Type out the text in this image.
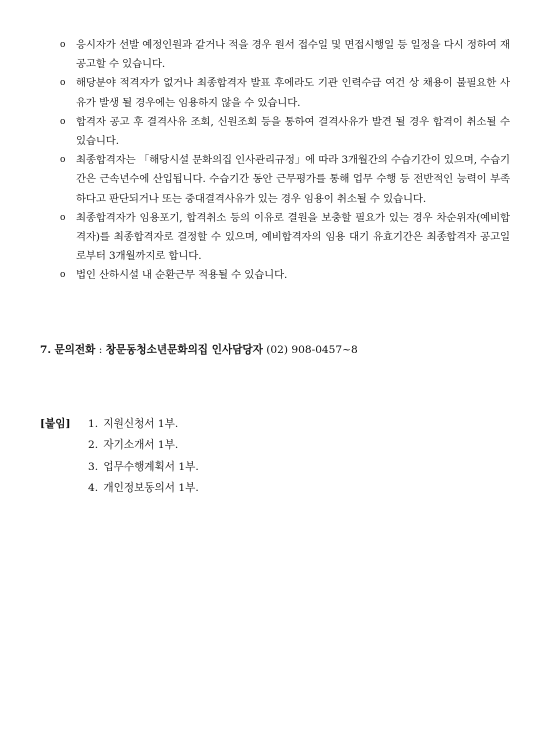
o	응시자가 선발 예정인원과 같거나 적을 경우 원서 접수일 및 면접시행일 등 일정을 다시 정하여 재공고할 수 있습니다.
o	해당분야 적격자가 없거나 최종합격자 발표 후에라도 기관 인력수급 여건 상 채용이 불필요한 사유가 발생 될 경우에는 임용하지 않을 수 있습니다.
o	합격자 공고 후 결격사유 조회, 신원조회 등을 통하여 결격사유가 발견 될 경우 합격이 취소될 수 있습니다.
o	최종합격자는 「해당시설 문화의집 인사관리규정」에 따라 3개월간의 수습기간이 있으며, 수습기간은 근속년수에 산입됩니다. 수습기간 동안 근무평가를 통해 업무 수행 등 전반적인 능력이 부족하다고 판단되거나 또는 중대결격사유가 있는 경우 임용이 취소될 수 있습니다.
o	최종합격자가 임용포기, 합격취소 등의 이유로 결원을 보충할 필요가 있는 경우 차순위자(예비합격자)를 최종합격자로 결정할 수 있으며, 예비합격자의 임용 대기 유효기간은 최종합격자 공고일로부터 3개월까지로 합니다.
o	법인 산하시설 내 순환근무 적용될 수 있습니다.
7. 문의전화 : 창문동청소년문화의집 인사담당자 (02) 908-0457~8
[붙임]	1. 지원신청서 1부.
2. 자기소개서 1부.
3. 업무수행계획서 1부.
4. 개인정보동의서 1부.
